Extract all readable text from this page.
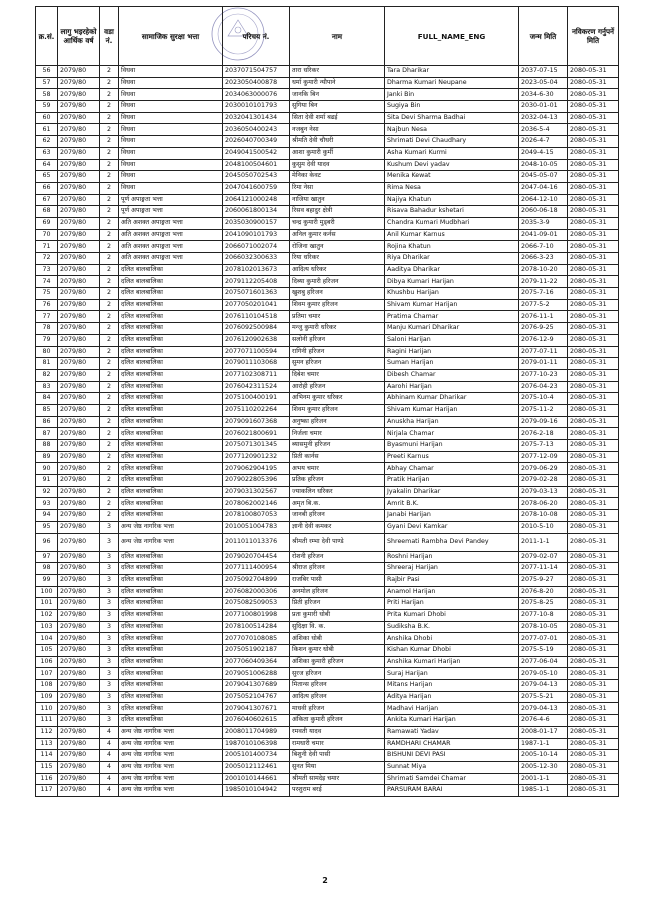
क्र.सं.	लागु भइरहेको आर्थिक वर्ष	वडा नं.	सामाजिक सुरक्षा भत्ता	परिचय नं.	नाम	FULL_NAME_ENG	जन्म मिति	नविकरण गर्नुपर्ने मिति
56	2079/80	2	विधवा	2037071504757	तारा धरिकर	Tara Dharikar	2037-07-15	2080-05-31
57	2079/80	2	विधवा	2023050400878	धर्मा कुमारी न्यौपाने	Dharma Kumari Neupane	2023-05-04	2080-05-31
58	2079/80	2	विधवा	2034063000076	जानकि बिन	Janki Bin	2034-6-30	2080-05-31
59	2079/80	2	विधवा	2030010101793	सुगिया बिन	Sugiya Bin	2030-01-01	2080-05-31
60	2079/80	2	विधवा	2032041301434	सिता देवी शर्मा बढई	Sita Devi Sharma Badhai	2032-04-13	2080-05-31
61	2079/80	2	विधवा	2036050400243	नजबुन नेसा	Najbun Nesa	2036-5-4	2080-05-31
62	2079/80	2	विधवा	2026040700349	श्रीमति देवी चौधरी	Shrimati Devi Chaudhary	2026-4-7	2080-05-31
63	2079/80	2	विधवा	2049041500542	आशा कुमारी कुर्मी	Asha Kumari Kurmi	2049-4-15	2080-05-31
64	2079/80	2	विधवा	2048100504601	कुसुम देवी यादव	Kushum Devi yadav	2048-10-05	2080-05-31
65	2079/80	2	विधवा	2045050702543	मेनिका केवट	Menika Kewat	2045-05-07	2080-05-31
66	2079/80	2	विधवा	2047041600759	रिमा नेसा	Rima Nesa	2047-04-16	2080-05-31
67	2079/80	2	पूर्ण अपाङ्गता भत्ता	2064121000248	नाजिया खातुन	Najiya Khatun	2064-12-10	2080-05-31
68	2079/80	2	पूर्ण अपाङ्गता भत्ता	2060061800134	रिसव बहादुर क्षेत्री	Risava Bahadur kshetari	2060-06-18	2080-05-31
69	2079/80	2	अति अशक्त अपाङ्गता भत्ता	2035030900157	चन्द्र कुमारी मुड्बरी	Chandra Kumari Mudbhari	2035-3-9	2080-05-31
70	2079/80	2	अति अशक्त अपाङ्गता भत्ता	2041090101793	अनिल कुमार कर्नस	Anil Kumar Karnus	2041-09-01	2080-05-31
71	2079/80	2	अति अशक्त अपाङ्गता भत्ता	2066071002074	रोजिना खातुन	Rojina Khatun	2066-7-10	2080-05-31
72	2079/80	2	अति अशक्त अपाङ्गता भत्ता	2066032300633	रिया धरिकर	Riya Dharikar	2066-3-23	2080-05-31
73	2079/80	2	दलित बालबालिका	2078102013673	आदित्य धरिकर	Aaditya Dharikar	2078-10-20	2080-05-31
74	2079/80	2	दलित बालबालिका	2079112205408	दिब्या कुमारी हरिजन	Dibya Kumari Harijan	2079-11-22	2080-05-31
75	2079/80	2	दलित बालबालिका	2075071601363	खुशबु हरिजन	Khushbu Harijan	2075-7-16	2080-05-31
76	2079/80	2	दलित बालबालिका	2077050201041	शिवम कुमार हरिजन	Shivam Kumar Harijan	2077-5-2	2080-05-31
77	2079/80	2	दलित बालबालिका	2076110104518	प्रतिमा चमार	Pratima Chamar	2076-11-1	2080-05-31
78	2079/80	2	दलित बालबालिका	2076092500984	मन्जु कुमारी धरिकर	Manju Kumari Dharikar	2076-9-25	2080-05-31
79	2079/80	2	दलित बालबालिका	2076120902638	सलोनी हरिजन	Saloni Harijan	2076-12-9	2080-05-31
80	2079/80	2	दलित बालबालिका	2077071100594	रागिनी हरिजन	Ragini Harijan	2077-07-11	2080-05-31
81	2079/80	2	दलित बालबालिका	2079011103068	सुमन हरिजन	Suman Harijan	2079-01-11	2080-05-31
82	2079/80	2	दलित बालबालिका	2077102308711	दिबेश चमार	Dibesh Chamar	2077-10-23	2080-05-31
83	2079/80	2	दलित बालबालिका	2076042311524	आरोही हरिजन	Aarohi Harijan	2076-04-23	2080-05-31
84	2079/80	2	दलित बालबालिका	2075100400191	अभिनम कुमार धरिकर	Abhinam Kumar Dharikar	2075-10-4	2080-05-31
85	2079/80	2	दलित बालबालिका	2075110202264	शिवम कुमार हरिजन	Shivam Kumar Harijan	2075-11-2	2080-05-31
86	2079/80	2	दलित बालबालिका	2079091607368	अनुष्का हरिजन	Anuskha Harijan	2079-09-16	2080-05-31
87	2079/80	2	दलित बालबालिका	2076021800691	निर्जला चमार	Nirjala Chamar	2076-2-18	2080-05-31
88	2079/80	2	दलित बालबालिका	2075071301345	ब्यासमुनी हरिजन	Byasmuni Harijan	2075-7-13	2080-05-31
89	2079/80	2	दलित बालबालिका	2077120901232	प्रिती कार्नस	Preeti Karnus	2077-12-09	2080-05-31
90	2079/80	2	दलित बालबालिका	2079062904195	अभय चमार	Abhay Chamar	2079-06-29	2080-05-31
91	2079/80	2	दलित बालबालिका	2079022805396	प्रतिक हरिजन	Pratik Harijan	2079-02-28	2080-05-31
92	2079/80	2	दलित बालबालिका	2079031302567	ज्याकलिन धरिकर	Jyakalin Dharikar	2079-03-13	2080-05-31
93	2079/80	2	दलित बालबालिका	2078062002146	अमृत बि.क.	Amrit B.K.	2078-06-20	2080-05-31
94	2079/80	2	दलित बालबालिका	2078100807053	जानबी हरिजन	Janabi Harijan	2078-10-08	2080-05-31
95	2079/80	3	अन्य जेष्ठ नागरिक भत्ता	2010051004783	ज्ञानी देवी कमकर	Gyani Devi Kamkar	2010-5-10	2080-05-31
96	2079/80	3	अन्य जेष्ठ नागरिक भत्ता	2011011013376	श्रीमती रम्भा देवी पाण्डे	Shreemati Rambha Devi Pandey	2011-1-1	2080-05-31
97	2079/80	3	दलित बालबालिका	2079020704454	रोशनी हरिजन	Roshni Harijan	2079-02-07	2080-05-31
98	2079/80	3	दलित बालबालिका	2077111400954	श्रीराज हरिजन	Shreeraj Harijan	2077-11-14	2080-05-31
99	2079/80	3	दलित बालबालिका	2075092704899	राजबिर पासी	Rajbir Pasi	2075-9-27	2080-05-31
100	2079/80	3	दलित बालबालिका	2076082000306	अनमोल हरिजन	Anamol Harijan	2076-8-20	2080-05-31
101	2079/80	3	दलित बालबालिका	2075082509053	प्रिती हरिजन	Priti Harijan	2075-8-25	2080-05-31
102	2079/80	3	दलित बालबालिका	2077100801998	प्रता कुमारी धोबी	Prita Kumari Dhobi	2077-10-8	2080-05-31
103	2079/80	3	दलित बालबालिका	2078100514284	सुदिक्षा वि. क.	Sudiksha B.K.	2078-10-05	2080-05-31
104	2079/80	3	दलित बालबालिका	2077070108085	अंशिका धोबी	Anshika Dhobi	2077-07-01	2080-05-31
105	2079/80	3	दलित बालबालिका	2075051902187	किशन कुमार धोबी	Kishan Kumar Dhobi	2075-5-19	2080-05-31
106	2079/80	3	दलित बालबालिका	2077060409364	अंशिका कुमारी हरिजन	Anshika Kumari Harijan	2077-06-04	2080-05-31
107	2079/80	3	दलित बालबालिका	2079051006288	सुरज हरिजन	Suraj Harijan	2079-05-10	2080-05-31
108	2079/80	3	दलित बालबालिका	2079041307689	मितान्स हरिजन	Mitans Harijan	2079-04-13	2080-05-31
109	2079/80	3	दलित बालबालिका	2075052104767	आदित्य हरिजन	Aditya Harijan	2075-5-21	2080-05-31
110	2079/80	3	दलित बालबालिका	2079041307671	माधवी हरिजन	Madhavi Harijan	2079-04-13	2080-05-31
111	2079/80	3	दलित बालबालिका	2076040602615	अंकिता कुमारी हरिजन	Ankita Kumari Harijan	2076-4-6	2080-05-31
112	2079/80	4	अन्य जेष्ठ नागरिक भत्ता	2008011704989	रमवती यादव	Ramawati Yadav	2008-01-17	2080-05-31
113	2079/80	4	अन्य जेष्ठ नागरिक भत्ता	1987010106398	रामधारी चमार	RAMDHARI CHAMAR	1987-1-1	2080-05-31
114	2079/80	4	अन्य जेष्ठ नागरिक भत्ता	2005101400734	बिशुनी देवी पासी	BISHUNI DEVI PASI	2005-10-14	2080-05-31
115	2079/80	4	अन्य जेष्ठ नागरिक भत्ता	2005012112461	सुनत मिया	Sunnat Miya	2005-12-30	2080-05-31
116	2079/80	4	अन्य जेष्ठ नागरिक भत्ता	2001010144661	श्रीमती सामदेइ चमार	Shrimati Samdei Chamar	2001-1-1	2080-05-31
117	2079/80	4	अन्य जेष्ठ नागरिक भत्ता	1985010104942	परशुराम बरई	PARSURAM BARAI	1985-1-1	2080-05-31
2
